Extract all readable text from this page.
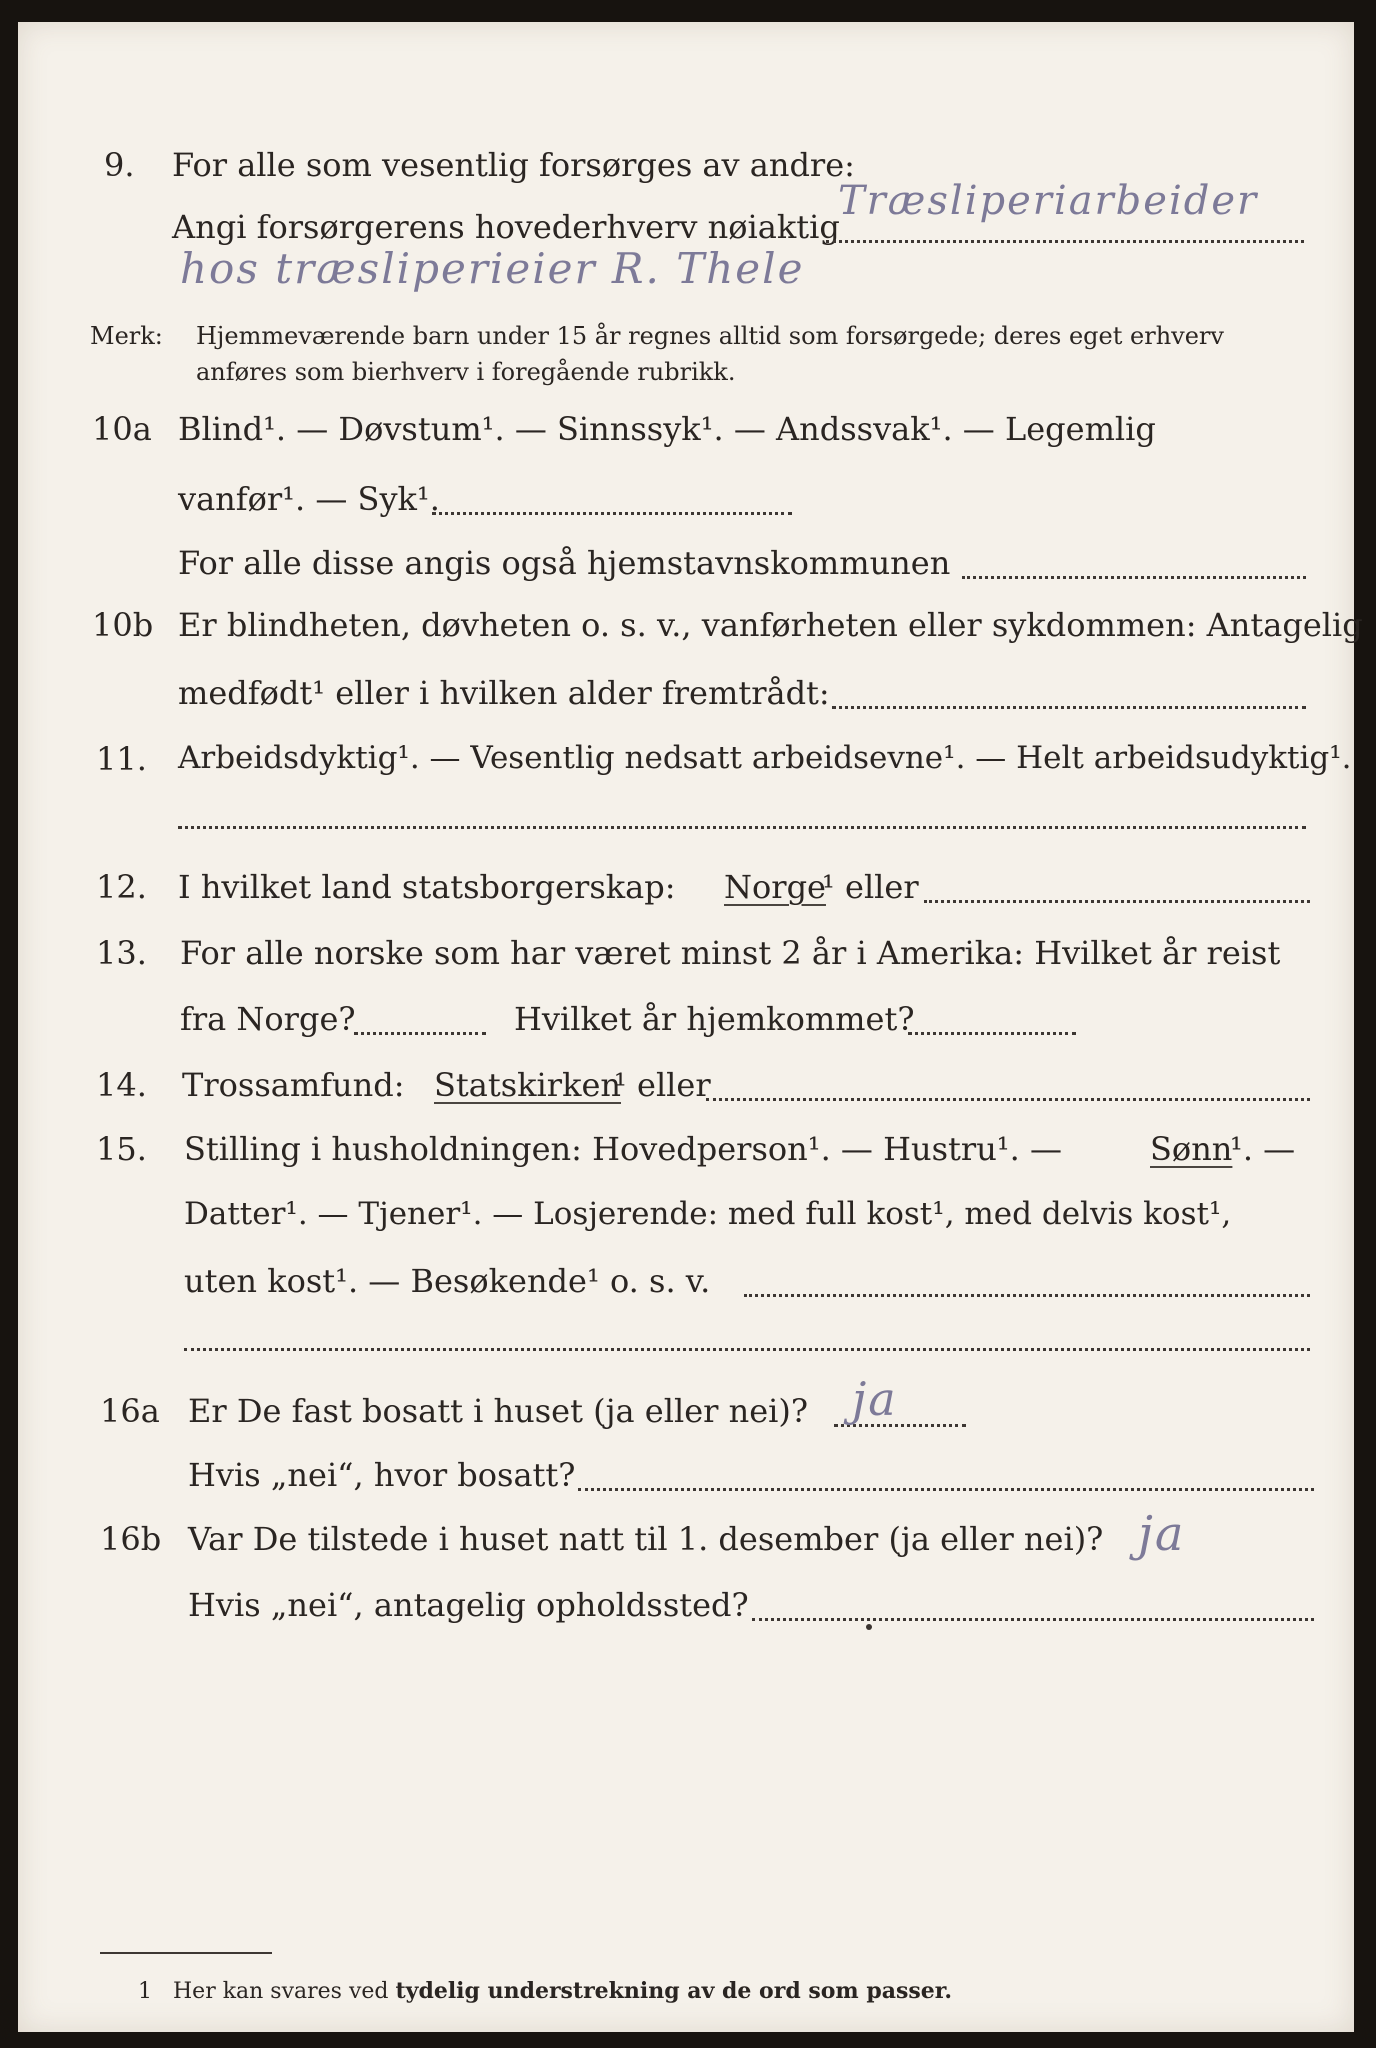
9. For alle som vesentlig forsørges av andre:
Angi forsørgerens hovederhverv nøiaktig
Træsliperiarbeider
hos træsliperieier R. Thele
Merk: Hjemmeværende barn under 15 år regnes alltid som forsørgede; deres eget erhverv
anføres som bierhverv i foregående rubrikk.
10a Blind¹. — Døvstum¹. — Sinnssyk¹. — Andssvak¹. — Legemlig
vanfør¹. — Syk¹.
For alle disse angis også hjemstavnskommunen
10b Er blindheten, døvheten o. s. v., vanførheten eller sykdommen: Antagelig
medfødt¹ eller i hvilken alder fremtrådt:
11. Arbeidsdyktig¹. — Vesentlig nedsatt arbeidsevne¹. — Helt arbeidsudyktig¹.
12. I hvilket land statsborgerskap: Norge
¹ eller
13. For alle norske som har været minst 2 år i Amerika: Hvilket år reist
fra Norge?	Hvilket år hjemkommet?
14. Trossamfund: Statskirken
¹ eller
15. Stilling i husholdningen: Hovedperson¹. — Hustru¹. —	Sønn
¹. —
Datter¹. — Tjener¹. — Losjerende: med full kost¹, med delvis kost¹,
uten kost¹. — Besøkende¹ o. s. v.
16a Er De fast bosatt i huset (ja eller nei)? ja
Hvis „nei“, hvor bosatt?
16b Var De tilstede i huset natt til 1. desember (ja eller nei)? ja
Hvis „nei“, antagelig opholdssted?
1 Her kan svares ved tydelig understrekning av de ord som passer.
